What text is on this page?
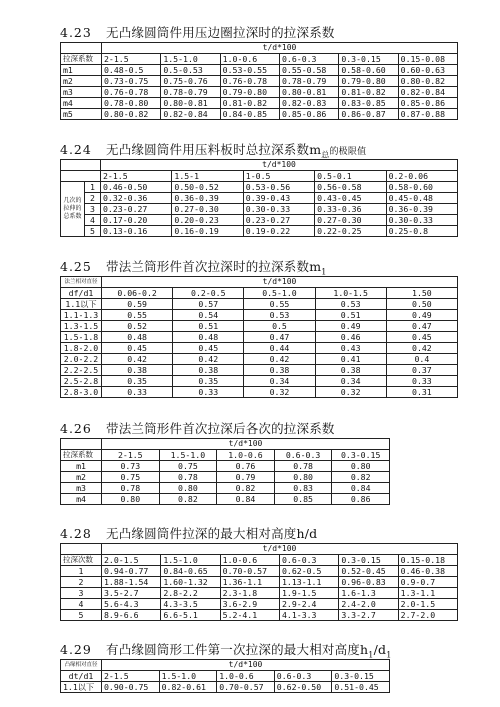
4.23 无凸缘圆筒件用压边圈拉深时的拉深系数
	t/d*100					
拉深系数	2-1.5	1.5-1.0	1.0-0.6	0.6-0.3	0.3-0.15	0.15-0.08
m1	0.48-0.5	0.5-0.53	0.53-0.55	0.55-0.58	0.58-0.60	0.60-0.63
m2	0.73-0.75	0.75-0.76	0.76-0.78	0.78-0.79	0.79-0.80	0.80-0.82
m3	0.76-0.78	0.78-0.79	0.79-0.80	0.80-0.81	0.81-0.82	0.82-0.84
m4	0.78-0.80	0.80-0.81	0.81-0.82	0.82-0.83	0.83-0.85	0.85-0.86
m5	0.80-0.82	0.82-0.84	0.84-0.85	0.85-0.86	0.86-0.87	0.87-0.88
4.24 无凸缘圆筒件用压料板时总拉深系数$m_总$的极限值
		t/d*100				
		2-1.5	1.5-1	1-0.5	0.5-0.1	0.2-0.06
几次的拉伸的总系数	1	0.46-0.50	0.50-0.52	0.53-0.56	0.56-0.58	0.58-0.60
	2	0.32-0.36	0.36-0.39	0.39-0.43	0.43-0.45	0.45-0.48
	3	0.23-0.27	0.27-0.30	0.30-0.33	0.33-0.36	0.36-0.39
	4	0.17-0.20	0.20-0.23	0.23-0.27	0.27-0.30	0.30-0.33
	5	0.13-0.16	0.16-0.19	0.19-0.22	0.22-0.25	0.25-0.8
4.25 带法兰筒形件首次拉深时的拉深系数$m_1$
法兰相对直径	t/d*100				
df/d1	0.06-0.2	0.2-0.5	0.5-1.0	1.0-1.5	1.50
1.1以下	0.59	0.57	0.55	0.53	0.50
1.1-1.3	0.55	0.54	0.53	0.51	0.49
1.3-1.5	0.52	0.51	0.5	0.49	0.47
1.5-1.8	0.48	0.48	0.47	0.46	0.45
1.8-2.0	0.45	0.45	0.44	0.43	0.42
2.0-2.2	0.42	0.42	0.42	0.41	0.4
2.2-2.5	0.38	0.38	0.38	0.38	0.37
2.5-2.8	0.35	0.35	0.34	0.34	0.33
2.8-3.0	0.33	0.33	0.32	0.32	0.31
4.26 带法兰筒形件首次拉深后各次的拉深系数
	t/d*100				
拉深系数	2-1.5	1.5-1.0	1.0-0.6	0.6-0.3	0.3-0.15
m1	0.73	0.75	0.76	0.78	0.80
m2	0.75	0.78	0.79	0.80	0.82
m3	0.78	0.80	0.82	0.83	0.84
m4	0.80	0.82	0.84	0.85	0.86
4.28 无凸缘圆筒件拉深的最大相对高度h/d
	t/d*100					
拉深次数	2.0-1.5	1.5-1.0	1.0-0.6	0.6-0.3	0.3-0.15	0.15-0.18
1	0.94-0.77	0.84-0.65	0.70-0.57	0.62-0.5	0.52-0.45	0.46-0.38
2	1.88-1.54	1.60-1.32	1.36-1.1	1.13-1.1	0.96-0.83	0.9-0.7
3	3.5-2.7	2.8-2.2	2.3-1.8	1.9-1.5	1.6-1.3	1.3-1.1
4	5.6-4.3	4.3-3.5	3.6-2.9	2.9-2.4	2.4-2.0	2.0-1.5
5	8.9-6.6	6.6-5.1	5.2-4.1	4.1-3.3	3.3-2.7	2.7-2.0
4.29 有凸缘圆筒形工件第一次拉深的最大相对高度$h_1/d_1$
凸缘相对直径	t/d*100				
dt/d1	2-1.5	1.5-1.0	1.0-0.6	0.6-0.3	0.3-0.15
1.1以下	0.90-0.75	0.82-0.61	0.70-0.57	0.62-0.50	0.51-0.45
